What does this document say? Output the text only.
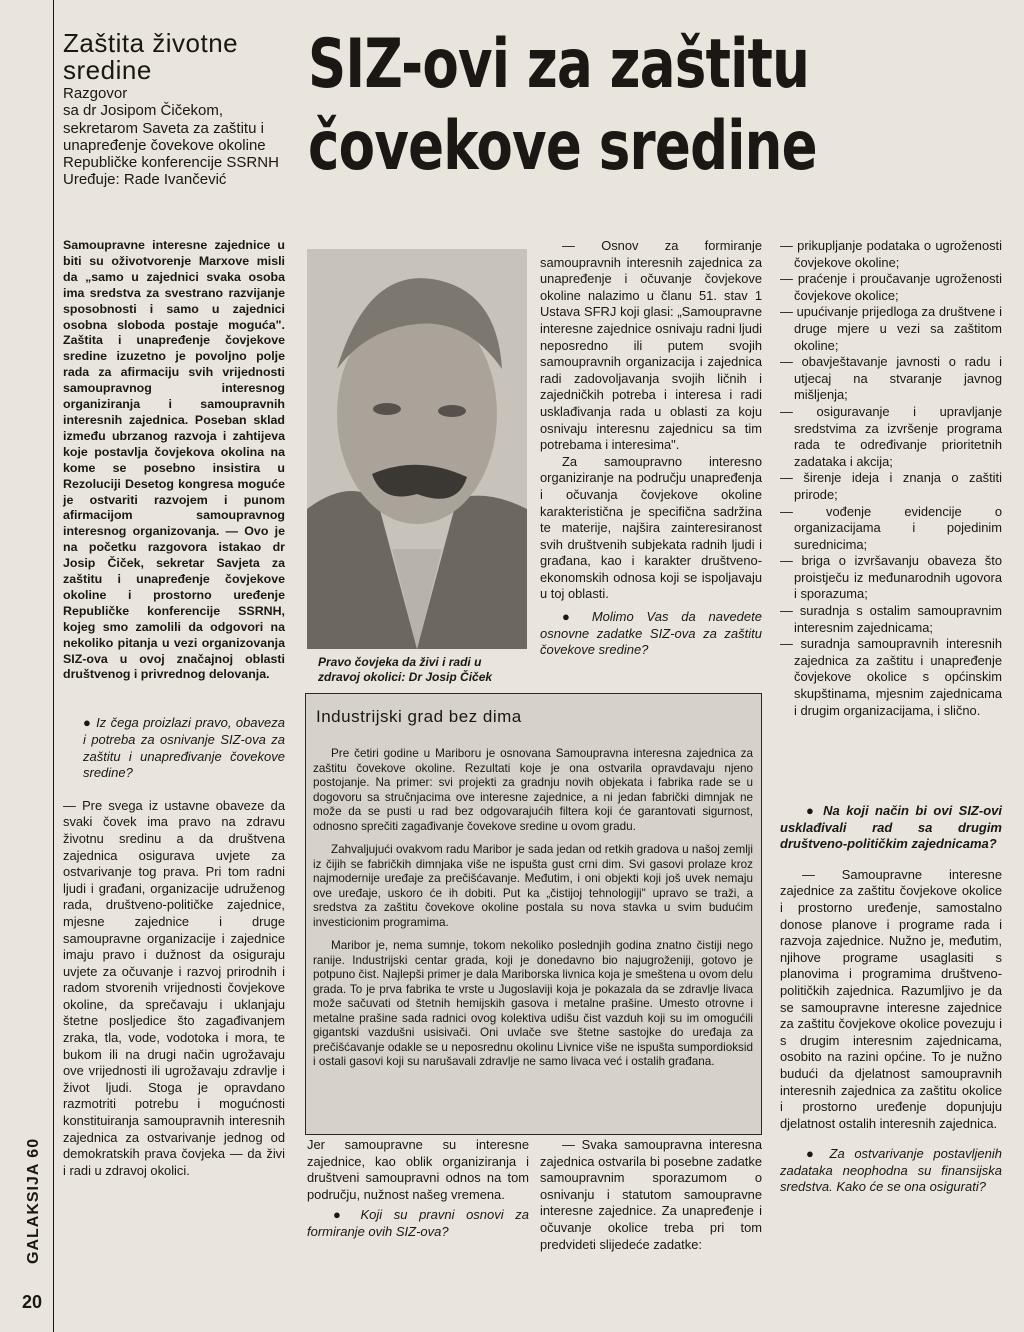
GALAKSIJA 60
20
Zaštita životne sredine

Razgovor

sa dr Josipom Čičekom, sekretarom Saveta za zaštitu i unapređenje čovekove okoline Republičke konferencije SSRNH

Uređuje: Rade Ivančević

SIZ-ovi za zaštitu
čovekove sredine

Samoupravne interesne zajednice u biti su oživotvorenje Marxove misli da „samo u zajednici svaka osoba ima sredstva za svestrano razvijanje sposobnosti i samo u zajednici osobna sloboda postaje moguća". Zaštita i unapređenje čovjekove sredine izuzetno je povoljno polje rada za afirmaciju svih vrijednosti samoupravnog interesnog organiziranja i samoupravnih interesnih zajednica. Poseban sklad između ubrzanog razvoja i zahtijeva koje postavlja čovjekova okolina na kome se posebno insistira u Rezoluciji Desetog kongresa moguće je ostvariti razvojem i punom afirmacijom samoupravnog interesnog organizovanja. — Ovo je na početku razgovora istakao dr Josip Čiček, sekretar Savjeta za zaštitu i unapređenje čovjekove okoline i prostorno uređenje Republičke konferencije SSRNH, kojeg smo zamolili da odgovori na nekoliko pitanja u vezi organizovanja SIZ-ova u ovoj značajnoj oblasti društvenog i privrednog delovanja.

● Iz čega proizlazi pravo, obaveza i potreba za osnivanje SIZ-ova za zaštitu i unapređivanje čovekove sredine?

— Pre svega iz ustavne obaveze da svaki čovek ima pravo na zdravu životnu sredinu a da društvena zajednica osigurava uvjete za ostvarivanje tog prava. Pri tom radni ljudi i građani, organizacije udruženog rada, društveno-političke zajednice, mjesne zajednice i druge samoupravne organizacije i zajednice imaju pravo i dužnost da osiguraju uvjete za očuvanje i razvoj prirodnih i radom stvorenih vrijednosti čovjekove okoline, da sprečavaju i uklanjaju štetne posljedice što zagađivanjem zraka, tla, vode, vodotoka i mora, te bukom ili na drugi način ugrožavaju ove vrijednosti ili ugrožavaju zdravlje i život ljudi. Stoga je opravdano razmotriti potrebu i mogućnosti konstituiranja samoupravnih interesnih zajednica za ostvarivanje jednog od demokratskih prava čovjeka — da živi i radi u zdravoj okolici.

Pravo čovjeka da živi i radi u zdravoj okolici: Dr Josip Čiček

— Osnov za formiranje samoupravnih interesnih zajednica za unapređenje i očuvanje čovjekove okoline nalazimo u članu 51. stav 1 Ustava SFRJ koji glasi: „Samoupravne interesne zajednice osnivaju radni ljudi neposredno ili putem svojih samoupravnih organizacija i zajednica radi zadovoljavanja svojih ličnih i zajedničkih potreba i interesa i radi usklađivanja rada u oblasti za koju osnivaju interesnu zajednicu sa tim potrebama i interesima".

Za samoupravno interesno organiziranje na području unapređenja i očuvanja čovjekove okoline karakteristična je specifična sadržina te materije, najšira zainteresiranost svih društvenih subjekata radnih ljudi i građana, kao i karakter društveno-ekonomskih odnosa koji se ispoljavaju u toj oblasti.

● Molimo Vas da navedete osnovne zadatke SIZ-ova za zaštitu čovekove sredine?

Industrijski grad bez dima

Pre četiri godine u Mariboru je osnovana Samoupravna interesna zajednica za zaštitu čovekove okoline. Rezultati koje je ona ostvarila opravdavaju njeno postojanje. Na primer: svi projekti za gradnju novih objekata i fabrika rade se u dogovoru sa stručnjacima ove interesne zajednice, a ni jedan fabrički dimnjak ne može da se pusti u rad bez odgovarajućih filtera koji će garantovati sigurnost, odnosno sprečiti zagađivanje čovekove sredine u ovom gradu.

Zahvaljujući ovakvom radu Maribor je sada jedan od retkih gradova u našoj zemlji iz čijih se fabričkih dimnjaka više ne ispušta gust crni dim. Svi gasovi prolaze kroz najmodernije uređaje za prečišćavanje. Međutim, i oni objekti koji još uvek nemaju ove uređaje, uskoro će ih dobiti. Put ka „čistijoj tehnologiji" upravo se traži, a sredstva za zaštitu čovekove okoline postala su nova stavka u svim budućim investicionim programima.

Maribor je, nema sumnje, tokom nekoliko poslednjih godina znatno čistiji nego ranije. Industrijski centar grada, koji je donedavno bio najugroženiji, gotovo je potpuno čist. Najlepši primer je dala Mariborska livnica koja je smeštena u ovom delu grada. To je prva fabrika te vrste u Jugoslaviji koja je pokazala da se zdravlje livaca može sačuvati od štetnih hemijskih gasova i metalne prašine. Umesto otrovne i metalne prašine sada radnici ovog kolektiva udišu čist vazduh koji su im omogućili gigantski vazdušni usisivači. Oni uvlače sve štetne sastojke do uređaja za prečišćavanje odakle se u neposrednu okolinu Livnice više ne ispušta sumpordioksid i ostali gasovi koji su narušavali zdravlje ne samo livaca već i ostalih građana.

Jer samoupravne su interesne zajednice, kao oblik organiziranja i društveni samoupravni odnos na tom području, nužnost našeg vremena.

● Koji su pravni osnovi za formiranje ovih SIZ-ova?

— Svaka samoupravna interesna zajednica ostvarila bi posebne zadatke samoupravnim sporazumom o osnivanju i statutom samoupravne interesne zajednice. Za unapređenje i očuvanje okolice treba pri tom predvideti slijedeće zadatke:

— prikupljanje podataka o ugroženosti čovjekove okoline;

— praćenje i proučavanje ugroženosti čovjekove okolice;

— upućivanje prijedloga za društvene i druge mjere u vezi sa zaštitom okoline;

— obavještavanje javnosti o radu i utjecaj na stvaranje javnog mišljenja;

— osiguravanje i upravljanje sredstvima za izvršenje programa rada te određivanje prioritetnih zadataka i akcija;

— širenje ideja i znanja o zaštiti prirode;

— vođenje evidencije o organizacijama i pojedinim surednicima;

— briga o izvršavanju obaveza što proistječu iz međunarodnih ugovora i sporazuma;

— suradnja s ostalim samoupravnim interesnim zajednicama;

— suradnja samoupravnih interesnih zajednica za zaštitu i unapređenje čovjekove okolice s općinskim skupštinama, mjesnim zajednicama i drugim organizacijama, i slično.

● Na koji način bi ovi SIZ-ovi usklađivali rad sa drugim društveno-političkim zajednicama?

— Samoupravne interesne zajednice za zaštitu čovjekove okolice i prostorno uređenje, samostalno donose planove i programe rada i razvoja zajednice. Nužno je, međutim, njihove programe usaglasiti s planovima i programima društveno-političkih zajednica. Razumljivo je da se samoupravne interesne zajednice za zaštitu čovjekove okolice povezuju i s drugim interesnim zajednicama, osobito na razini općine. To je nužno budući da djelatnost samoupravnih interesnih zajednica za zaštitu okolice i prostorno uređenje dopunjuju djelatnost ostalih interesnih zajednica.

● Za ostvarivanje postavljenih zadataka neophodna su finansijska sredstva. Kako će se ona osigurati?
